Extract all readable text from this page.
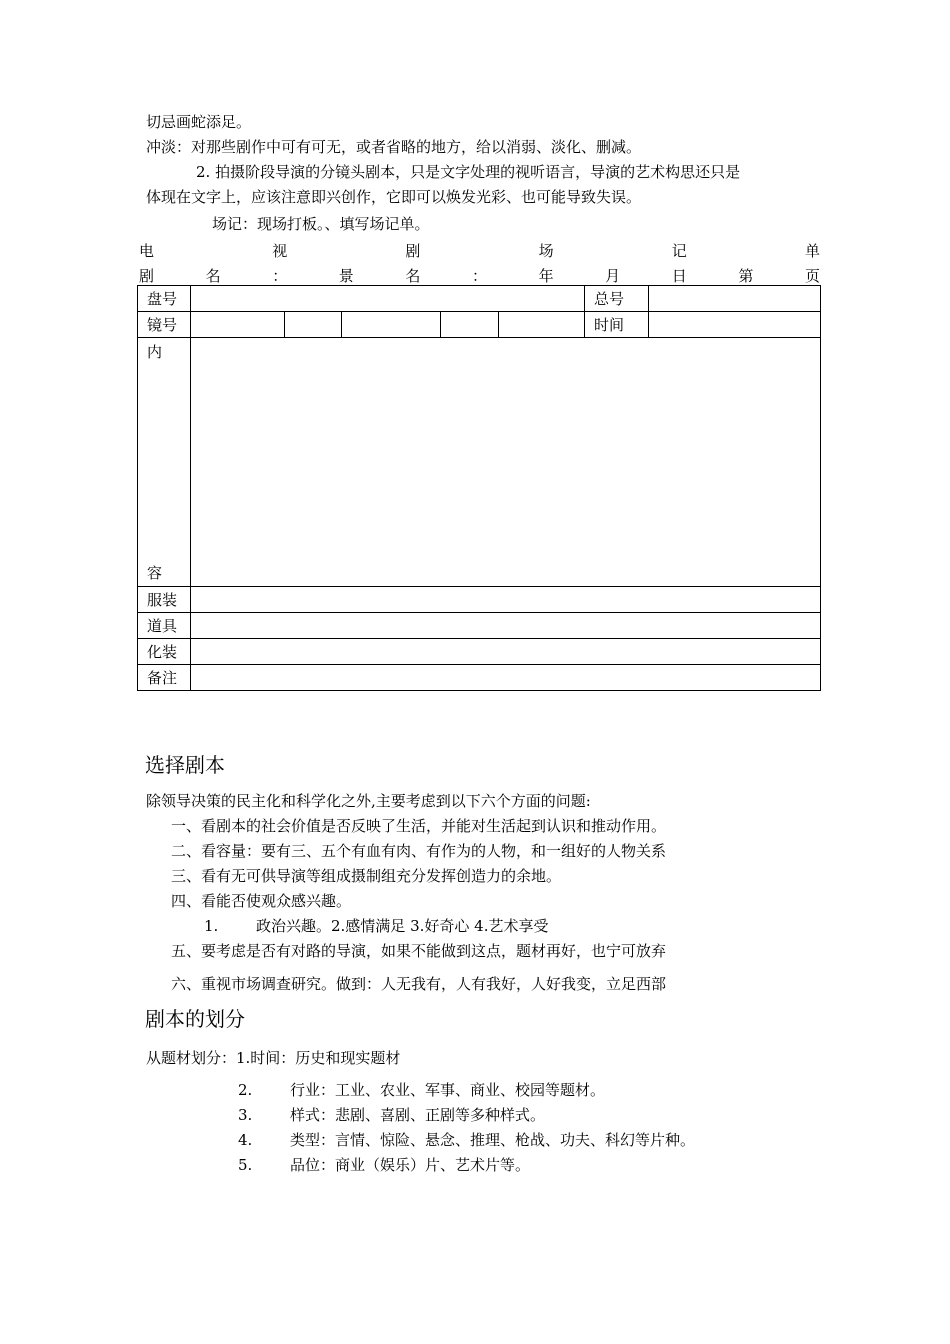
切忌画蛇添足。
冲淡：对那些剧作中可有可无，或者省略的地方，给以消弱、淡化、删减。
2. 拍摄阶段导演的分镜头剧本，只是文字处理的视听语言，导演的艺术构思还只是
体现在文字上，应该注意即兴创作，它即可以焕发光彩、也可能导致失误。
场记：现场打板。、填写场记单。
电	视	剧	场	记	单
剧	名	：	景	名	：	年	月	日	第	页
盘号						总号	
镜号						时间	

内
容							

服装							
道具							
化装							
备注							
选择剧本
除领导决策的民主化和科学化之外,主要考虑到以下六个方面的问题:
一、看剧本的社会价值是否反映了生活，并能对生活起到认识和推动作用。
二、看容量：要有三、五个有血有肉、有作为的人物，和一组好的人物关系
三、看有无可供导演等组成摄制组充分发挥创造力的余地。
四、看能否使观众感兴趣。
1.	政治兴趣。2.感情满足 3.好奇心 4.艺术享受
五、要考虑是否有对路的导演，如果不能做到这点，题材再好，也宁可放弃
六、重视市场调查研究。做到：人无我有，人有我好，人好我变，立足西部
剧本的划分
从题材划分：1.时间：历史和现实题材
2.	行业：工业、农业、军事、商业、校园等题材。
3.	样式：悲剧、喜剧、正剧等多种样式。
4.	类型：言情、惊险、悬念、推理、枪战、功夫、科幻等片种。
5.	品位：商业（娱乐）片、艺术片等。
